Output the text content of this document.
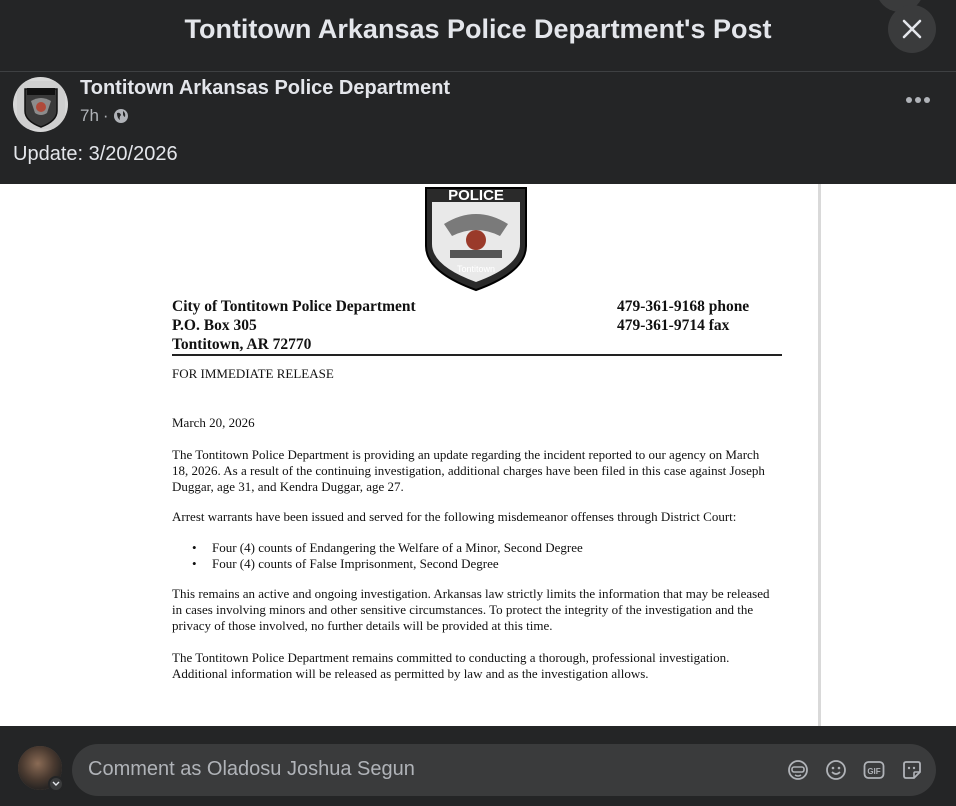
Tontitown Arkansas Police Department's Post
Tontitown Arkansas Police Department
7h ·
Update: 3/20/2026
POLICE
Tontitown
City of Tontitown Police Department
P.O. Box 305
Tontitown, AR 72770
479-361-9168 phone
479-361-9714 fax
FOR IMMEDIATE RELEASE
March 20, 2026
The Tontitown Police Department is providing an update regarding the incident reported to our agency on March 18, 2026. As a result of the continuing investigation, additional charges have been filed in this case against Joseph Duggar, age 31, and Kendra Duggar, age 27.
Arrest warrants have been issued and served for the following misdemeanor offenses through District Court:
• Four (4) counts of Endangering the Welfare of a Minor, Second Degree
• Four (4) counts of False Imprisonment, Second Degree
This remains an active and ongoing investigation. Arkansas law strictly limits the information that may be released in cases involving minors and other sensitive circumstances. To protect the integrity of the investigation and the privacy of those involved, no further details will be provided at this time.
The Tontitown Police Department remains committed to conducting a thorough, professional investigation. Additional information will be released as permitted by law and as the investigation allows.
Comment as Oladosu Joshua Segun	GIF
